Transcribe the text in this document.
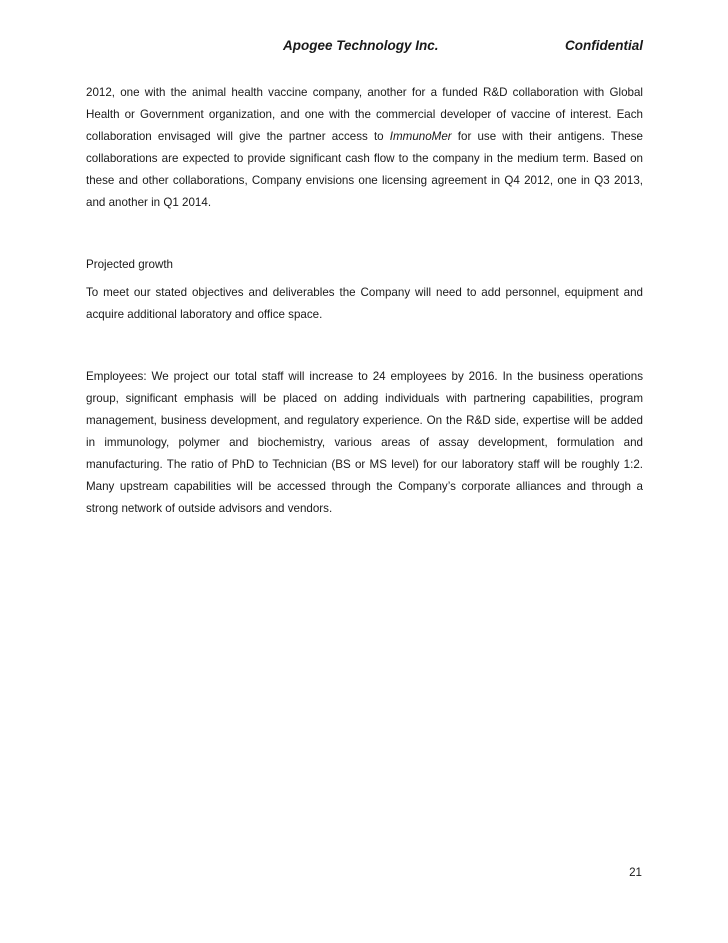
Apogee Technology Inc.	Confidential

2012, one with the animal health vaccine company, another for a funded R&D collaboration with Global Health or Government organization, and one with the commercial developer of vaccine of interest. Each collaboration envisaged will give the partner access to ImmunoMer for use with their antigens. These collaborations are expected to provide significant cash flow to the company in the medium term. Based on these and other collaborations, Company envisions one licensing agreement in Q4 2012, one in Q3 2013, and another in Q1 2014.

Projected growth

To meet our stated objectives and deliverables the Company will need to add personnel, equipment and acquire additional laboratory and office space.

Employees: We project our total staff will increase to 24 employees by 2016. In the business operations group, significant emphasis will be placed on adding individuals with partnering capabilities, program management, business development, and regulatory experience. On the R&D side, expertise will be added in immunology, polymer and biochemistry, various areas of assay development, formulation and manufacturing. The ratio of PhD to Technician (BS or MS level) for our laboratory staff will be roughly 1:2. Many upstream capabilities will be accessed through the Company’s corporate alliances and through a strong network of outside advisors and vendors.

21
